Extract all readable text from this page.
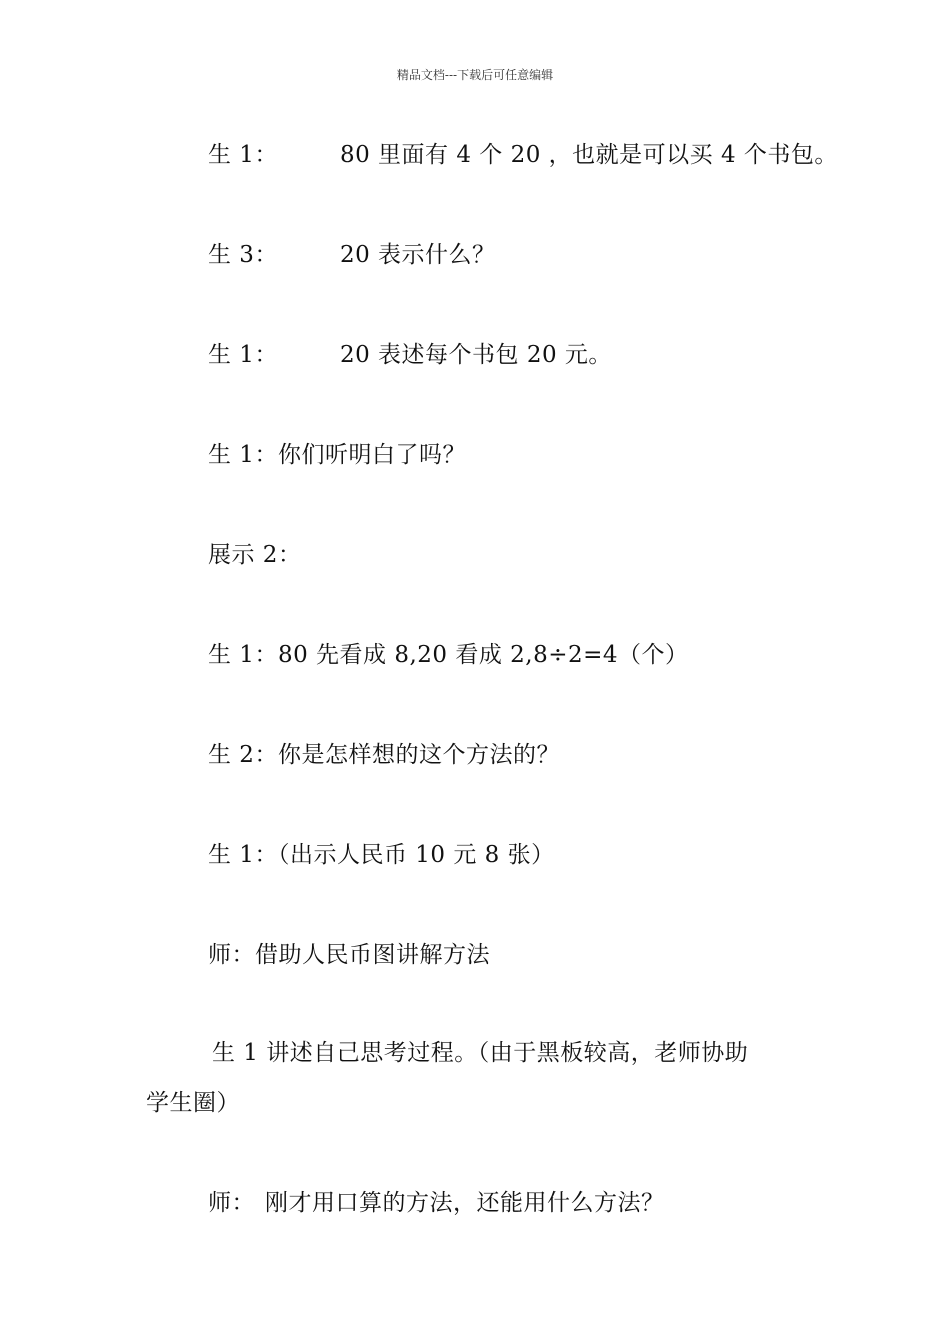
精品文档---下载后可任意编辑
生 1：	80 里面有 4 个 20 ，也就是可以买 4 个书包。
生 3：	20 表示什么？
生 1：	20 表述每个书包 20 元。
生 1：你们听明白了吗？
展示 2：
生 1：80 先看成 8,20 看成 2,8÷2=4（个）
生 2：你是怎样想的这个方法的？
生 1：（出示人民币 10 元 8 张）
师：借助人民币图讲解方法
生 1 讲述自己思考过程。（由于黑板较高，老师协助
学生圈）
师： 刚才用口算的方法，还能用什么方法？
